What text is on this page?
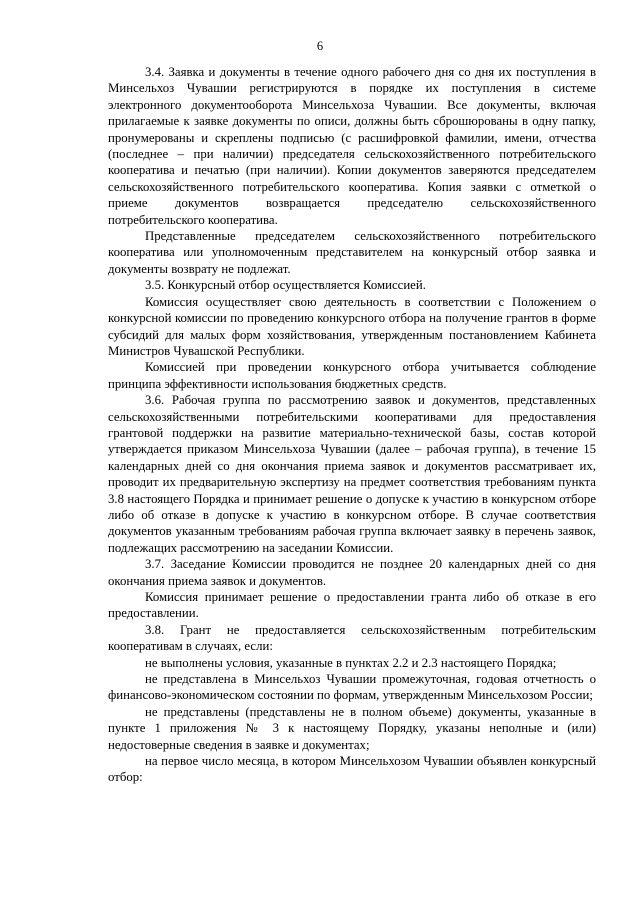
6

3.4. Заявка и документы в течение одного рабочего дня со дня их поступления в Минсельхоз Чувашии регистрируются в порядке их поступления в системе электронного документооборота Минсельхоза Чувашии. Все документы, включая прилагаемые к заявке документы по описи, должны быть сброшюрованы в одну папку, пронумерованы и скреплены подписью (с расшифровкой фамилии, имени, отчества (последнее – при наличии) председателя сельскохозяйственного потребительского кооператива и печатью (при наличии). Копии документов заверяются председателем сельскохозяйственного потребительского кооператива. Копия заявки с отметкой о приеме документов возвращается председателю сельскохозяйственного потребительского кооператива.

Представленные председателем сельскохозяйственного потребительского кооператива или уполномоченным представителем на конкурсный отбор заявка и документы возврату не подлежат.

3.5. Конкурсный отбор осуществляется Комиссией.

Комиссия осуществляет свою деятельность в соответствии с Положением о конкурсной комиссии по проведению конкурсного отбора на получение грантов в форме субсидий для малых форм хозяйствования, утвержденным постановлением Кабинета Министров Чувашской Республики.

Комиссией при проведении конкурсного отбора учитывается соблюдение принципа эффективности использования бюджетных средств.

3.6. Рабочая группа по рассмотрению заявок и документов, представленных сельскохозяйственными потребительскими кооперативами для предоставления грантовой поддержки на развитие материально-технической базы, состав которой утверждается приказом Минсельхоза Чувашии (далее – рабочая группа), в течение 15 календарных дней со дня окончания приема заявок и документов рассматривает их, проводит их предварительную экспертизу на предмет соответствия требованиям пункта 3.8 настоящего Порядка и принимает решение о допуске к участию в конкурсном отборе либо об отказе в допуске к участию в конкурсном отборе. В случае соответствия документов указанным требованиям рабочая группа включает заявку в перечень заявок, подлежащих рассмотрению на заседании Комиссии.

3.7. Заседание Комиссии проводится не позднее 20 календарных дней со дня окончания приема заявок и документов.

Комиссия принимает решение о предоставлении гранта либо об отказе в его предоставлении.

3.8. Грант не предоставляется сельскохозяйственным потребительским кооперативам в случаях, если:

не выполнены условия, указанные в пунктах 2.2 и 2.3 настоящего Порядка;

не представлена в Минсельхоз Чувашии промежуточная, годовая отчетность о финансово-экономическом состоянии по формам, утвержденным Минсельхозом России;

не представлены (представлены не в полном объеме) документы, указанные в пункте 1 приложения № 3 к настоящему Порядку, указаны неполные и (или) недостоверные сведения в заявке и документах;

на первое число месяца, в котором Минсельхозом Чувашии объявлен конкурсный отбор:
